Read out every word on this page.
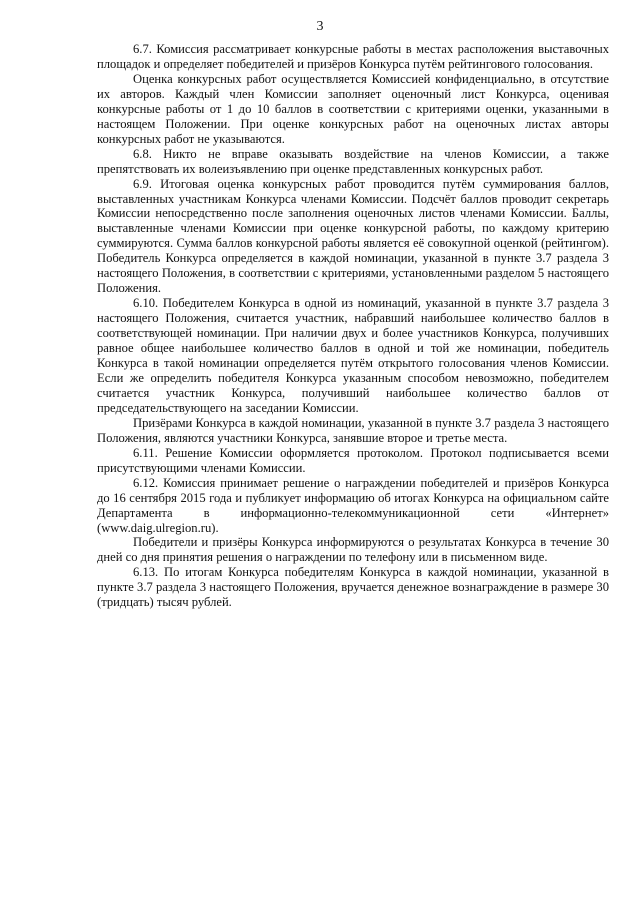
3

6.7. Комиссия рассматривает конкурсные работы в местах расположения выставочных площадок и определяет победителей и призёров Конкурса путём рейтингового голосования.

Оценка конкурсных работ осуществляется Комиссией конфиденциально, в отсутствие их авторов. Каждый член Комиссии заполняет оценочный лист Конкурса, оценивая конкурсные работы от 1 до 10 баллов в соответствии с критериями оценки, указанными в настоящем Положении. При оценке конкурсных работ на оценочных листах авторы конкурсных работ не указываются.

6.8. Никто не вправе оказывать воздействие на членов Комиссии, а также препятствовать их волеизъявлению при оценке представленных конкурсных работ.

6.9. Итоговая оценка конкурсных работ проводится путём суммирования баллов, выставленных участникам Конкурса членами Комиссии. Подсчёт баллов проводит секретарь Комиссии непосредственно после заполнения оценочных листов членами Комиссии. Баллы, выставленные членами Комиссии при оценке конкурсной работы, по каждому критерию суммируются. Сумма баллов конкурсной работы является её совокупной оценкой (рейтингом). Победитель Конкурса определяется в каждой номинации, указанной в пункте 3.7 раздела 3 настоящего Положения, в соответствии с критериями, установленными разделом 5 настоящего Положения.

6.10. Победителем Конкурса в одной из номинаций, указанной в пункте 3.7 раздела 3 настоящего Положения, считается участник, набравший наибольшее количество баллов в соответствующей номинации. При наличии двух и более участников Конкурса, получивших равное общее наибольшее количество баллов в одной и той же номинации, победитель Конкурса в такой номинации определяется путём открытого голосования членов Комиссии. Если же определить победителя Конкурса указанным способом невозможно, победителем считается участник Конкурса, получивший наибольшее количество баллов от председательствующего на заседании Комиссии.

Призёрами Конкурса в каждой номинации, указанной в пункте 3.7 раздела 3 настоящего Положения, являются участники Конкурса, занявшие второе и третье места.

6.11. Решение Комиссии оформляется протоколом. Протокол подписывается всеми присутствующими членами Комиссии.

6.12. Комиссия принимает решение о награждении победителей и призёров Конкурса до 16 сентября 2015 года и публикует информацию об итогах Конкурса на официальном сайте Департамента в информационно-телекоммуникационной сети «Интернет» (www.daig.ulregion.ru).

Победители и призёры Конкурса информируются о результатах Конкурса в течение 30 дней со дня принятия решения о награждении по телефону или в письменном виде.

6.13. По итогам Конкурса победителям Конкурса в каждой номинации, указанной в пункте 3.7 раздела 3 настоящего Положения, вручается денежное вознаграждение в размере 30 (тридцать) тысяч рублей.
